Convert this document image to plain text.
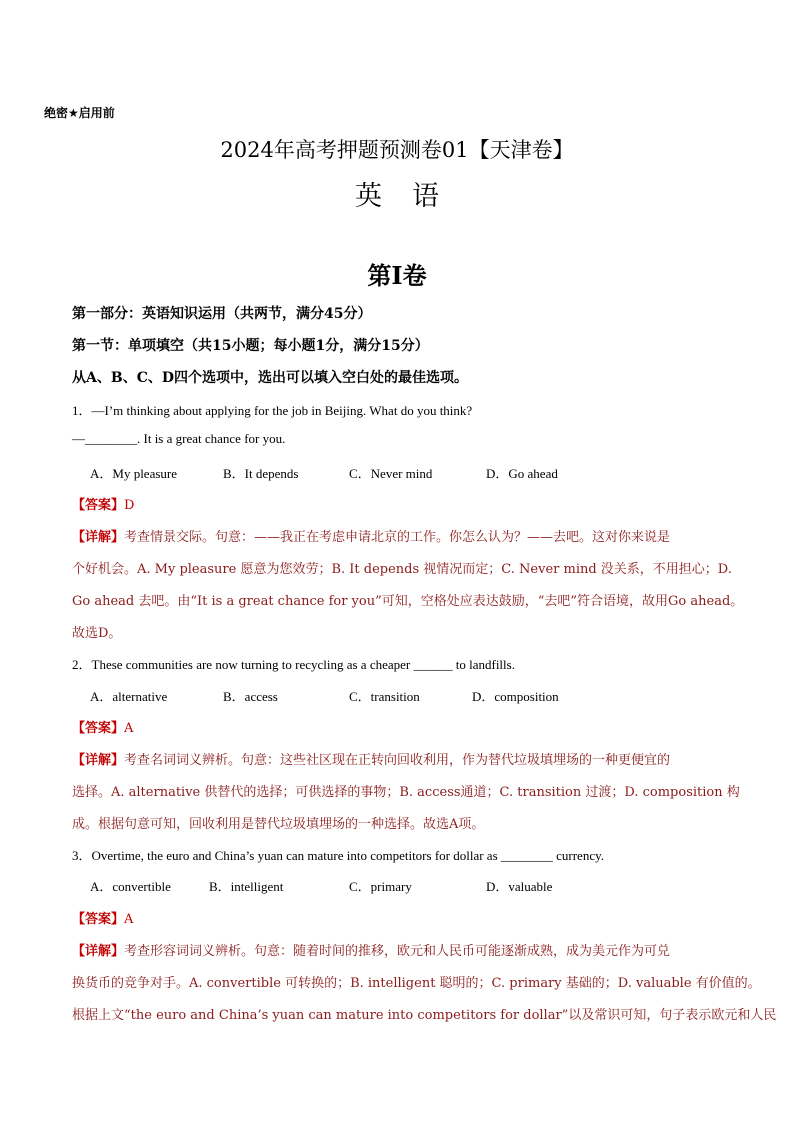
绝密★启用前
2024年高考押题预测卷01【天津卷】
英语
第I卷
第一部分：英语知识运用（共两节，满分45分）
第一节：单项填空（共15小题；每小题1分，满分15分）
从A、B、C、D四个选项中，选出可以填入空白处的最佳选项。
1．—I’m thinking about applying for the job in Beijing. What do you think?
—________. It is a great chance for you.
A．My pleasure	B．It depends	C．Never mind	D．Go ahead
【答案】D
【详解】考查情景交际。句意：——我正在考虑申请北京的工作。你怎么认为？——去吧。这对你来说是
个好机会。A. My pleasure 愿意为您效劳；B. It depends 视情况而定；C. Never mind 没关系，不用担心；D.
Go ahead 去吧。由“It is a great chance for you”可知，空格处应表达鼓励，“去吧”符合语境，故用Go ahead。
故选D。
2．These communities are now turning to recycling as a cheaper ______ to landfills.
A．alternative	B．access	C．transition	D．composition
【答案】A
【详解】考查名词词义辨析。句意：这些社区现在正转向回收利用，作为替代垃圾填埋场的一种更便宜的
选择。A. alternative 供替代的选择；可供选择的事物；B. access通道；C. transition 过渡；D. composition 构
成。根据句意可知，回收利用是替代垃圾填埋场的一种选择。故选A项。
3．Overtime, the euro and China’s yuan can mature into competitors for dollar as ________ currency.
A．convertible	B．intelligent	C．primary	D．valuable
【答案】A
【详解】考查形容词词义辨析。句意：随着时间的推移，欧元和人民币可能逐渐成熟，成为美元作为可兑
换货币的竞争对手。A. convertible 可转换的；B. intelligent 聪明的；C. primary 基础的；D. valuable 有价值的。
根据上文“the euro and China’s yuan can mature into competitors for dollar”以及常识可知，句子表示欧元和人民
